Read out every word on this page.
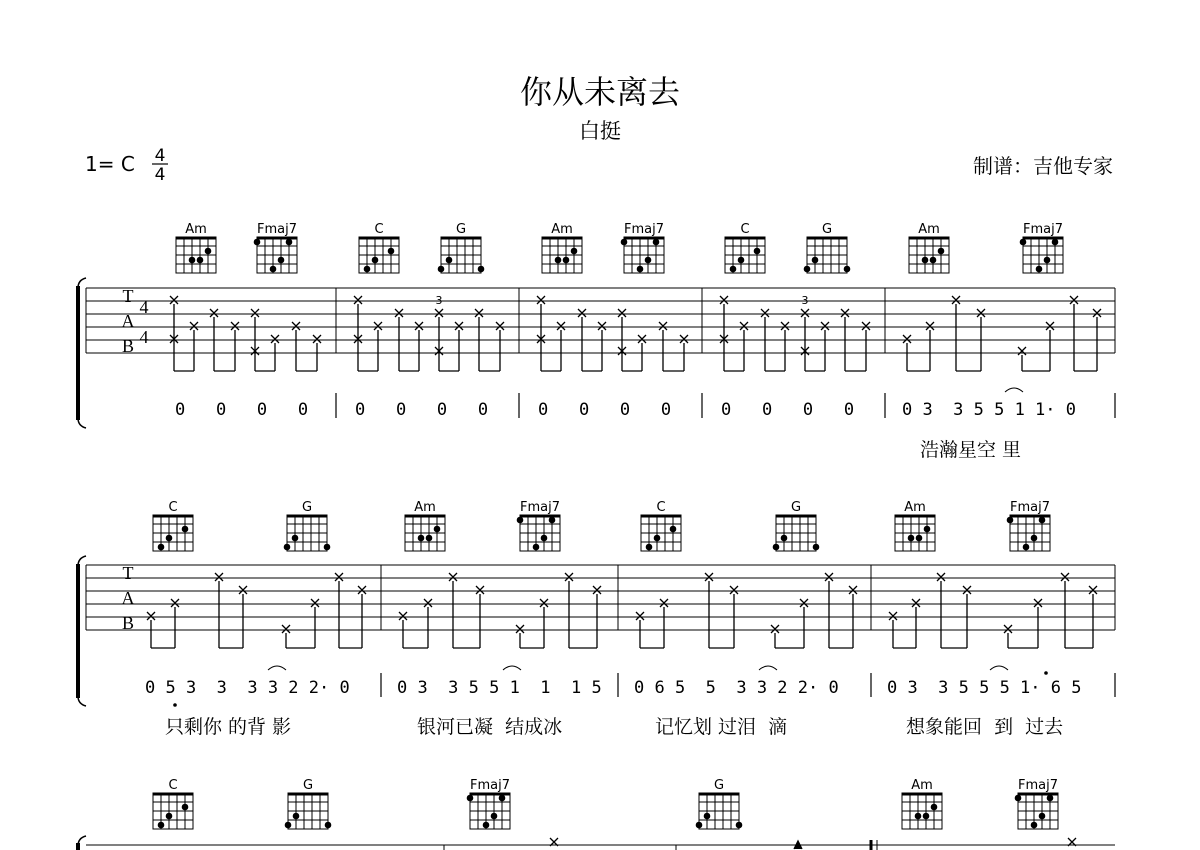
你从未离去
白挺
1= C 4
4	制谱：吉他专家
Am	Fmaj7	C	G	Am	Fmaj7	C	G	Am	Fmaj7
T
A
B
4
4
3	3
0   0   0   0	0   0   0   0	0   0   0   0	0   0   0   0	0 3  3 5 5 1 1· 0
浩瀚星空 里
C	G	Am	Fmaj7	C	G	Am	Fmaj7
T
A
B
0 5 3  3  3 3 2 2· 0	0 3  3 5 5 1  1  1 5 0 6 5  5  3 3 2 2· 0	0 3  3 5 5 5 1· 6 5
只剩你 的背 影	银河已凝  结成冰	记忆划 过泪  滴	想象能回  到  过去
C	G	Fmaj7	G	Am	Fmaj7
